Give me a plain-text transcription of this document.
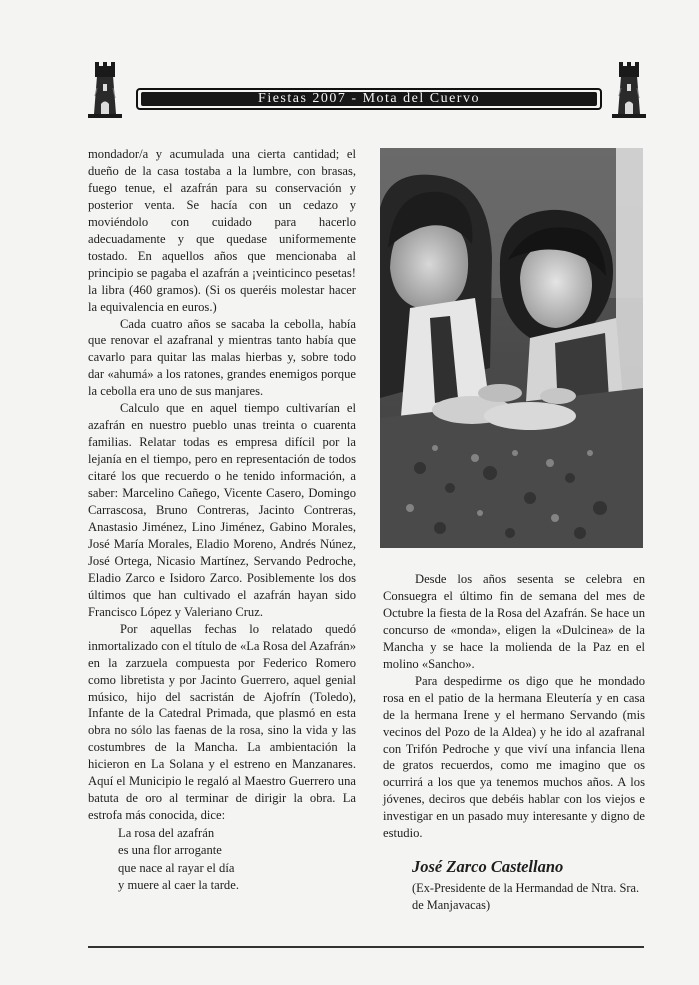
Fiestas 2007 - Mota del Cuervo

mondador/a y acumulada una cierta cantidad; el dueño de la casa tostaba a la lumbre, con brasas, fuego tenue, el azafrán para su conservación y posterior venta. Se hacía con un cedazo y moviéndolo con cuidado para hacerlo adecuadamente y que quedase uniformemente tostado. En aquellos años que mencionaba al principio se pagaba el azafrán a ¡veinticinco pesetas! la libra (460 gramos). (Si os queréis molestar hacer la equivalencia en euros.)

Cada cuatro años se sacaba la cebolla, había que renovar el azafranal y mientras tanto había que cavarlo para quitar las malas hierbas y, sobre todo dar «ahumá» a los ratones, grandes enemigos porque la cebolla era uno de sus manjares.

Calculo que en aquel tiempo cultivarían el azafrán en nuestro pueblo unas treinta o cuarenta familias. Relatar todas es empresa difícil por la lejanía en el tiempo, pero en representación de todos citaré los que recuerdo o he tenido información, a saber: Marcelino Cañego, Vicente Casero, Domingo Carrascosa, Bruno Contreras, Jacinto Contreras, Anastasio Jiménez, Lino Jiménez, Gabino Morales, José María Morales, Eladio Moreno, Andrés Núnez, José Ortega, Nicasio Martínez, Servando Pedroche, Eladio Zarco e Isidoro Zarco. Posiblemente los dos últimos que han cultivado el azafrán hayan sido Francisco López y Valeriano Cruz.

Por aquellas fechas lo relatado quedó inmortalizado con el título de «La Rosa del Azafrán» en la zarzuela compuesta por Federico Romero como libretista y por Jacinto Guerrero, aquel genial músico, hijo del sacristán de Ajofrín (Toledo), Infante de la Catedral Primada, que plasmó en esta obra no sólo las faenas de la rosa, sino la vida y las costumbres de la Mancha. La ambientación la hicieron en La Solana y el estreno en Manzanares. Aquí el Municipio le regaló al Maestro Guerrero una batuta de oro al terminar de dirigir la obra. La estrofa más conocida, dice:

La rosa del azafrán
es una flor arrogante
que nace al rayar el día
y muere al caer la tarde.

Desde los años sesenta se celebra en Consuegra el último fin de semana del mes de Octubre la fiesta de la Rosa del Azafrán. Se hace un concurso de «monda», eligen la «Dulcinea» de la Mancha y se hace la molienda de la Paz en el molino «Sancho».

Para despedirme os digo que he mondado rosa en el patio de la hermana Eleutería y en casa de la hermana Irene y el hermano Servando (mis vecinos del Pozo de la Aldea) y he ido al azafranal con Trifón Pedroche y que viví una infancia llena de gratos recuerdos, como me imagino que os ocurrirá a los que ya tenemos muchos años. A los jóvenes, deciros que debéis hablar con los viejos e investigar en un pasado muy interesante y digno de estudio.

José Zarco Castellano
(Ex-Presidente de la Hermandad de Ntra. Sra. de Manjavacas)
